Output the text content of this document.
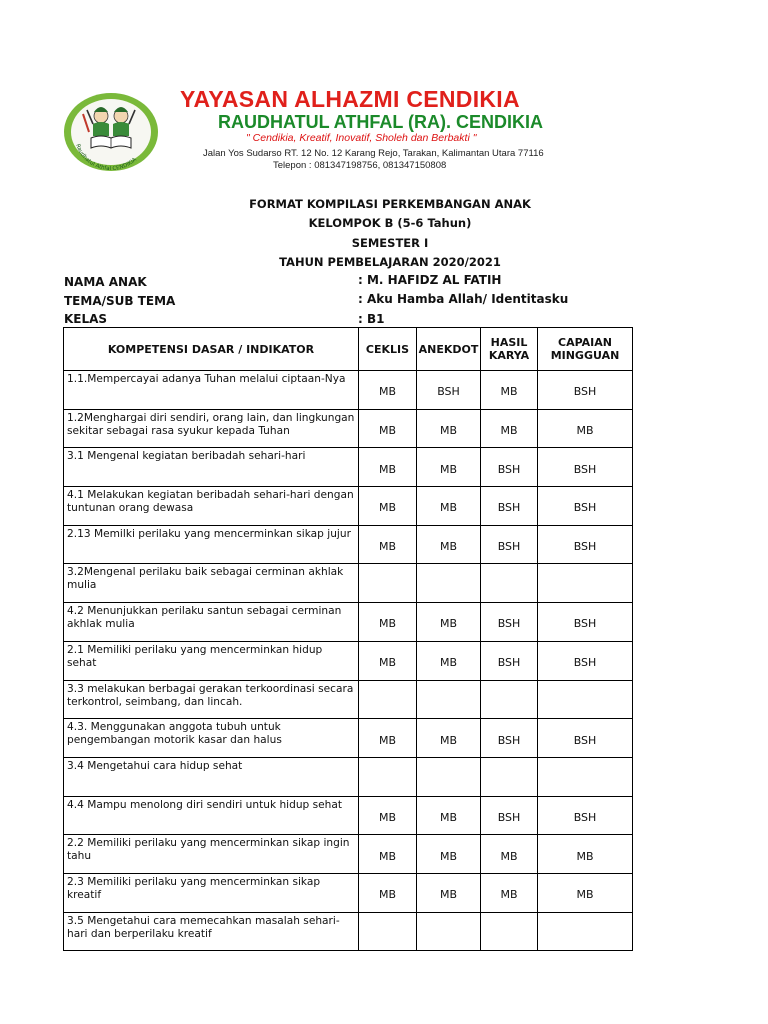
Raudhatul Athfal CENDIKIA
YAYASAN ALHAZMI CENDIKIA
RAUDHATUL ATHFAL (RA). CENDIKIA
" Cendikia, Kreatif, Inovatif, Sholeh dan Berbakti "
Jalan Yos Sudarso RT. 12 No. 12 Karang Rejo, Tarakan, Kalimantan Utara 77116
Telepon : 081347198756, 081347150808
FORMAT KOMPILASI PERKEMBANGAN ANAK
KELOMPOK B (5-6 Tahun)
SEMESTER I
TAHUN PEMBELAJARAN 2020/2021
NAMA ANAK	: M. HAFIDZ AL FATIH
TEMA/SUB TEMA	: Aku Hamba Allah/ Identitasku
KELAS	: B1
KOMPETENSI DASAR / INDIKATOR	CEKLIS	ANEKDOT	HASIL KARYA	CAPAIAN MINGGUAN
1.1.Mempercayai adanya Tuhan melalui ciptaan-Nya	MB	BSH	MB	BSH
1.2Menghargai diri sendiri, orang lain, dan lingkungan sekitar sebagai rasa syukur kepada Tuhan	MB	MB	MB	MB
3.1 Mengenal kegiatan beribadah sehari-hari	MB	MB	BSH	BSH
4.1 Melakukan kegiatan beribadah sehari-hari dengan tuntunan orang dewasa	MB	MB	BSH	BSH
2.13 Memilki perilaku yang mencerminkan sikap jujur	MB	MB	BSH	BSH
3.2Mengenal perilaku baik sebagai cerminan akhlak mulia				
4.2 Menunjukkan perilaku santun sebagai cerminan akhlak mulia	MB	MB	BSH	BSH
2.1 Memiliki perilaku yang mencerminkan hidup sehat	MB	MB	BSH	BSH
3.3 melakukan berbagai gerakan terkoordinasi secara terkontrol, seimbang, dan lincah.				
4.3. Menggunakan anggota tubuh untuk pengembangan motorik kasar dan halus	MB	MB	BSH	BSH
3.4 Mengetahui cara hidup sehat				
4.4 Mampu menolong diri sendiri untuk hidup sehat	MB	MB	BSH	BSH
2.2 Memiliki perilaku yang mencerminkan sikap ingin tahu	MB	MB	MB	MB
2.3 Memiliki perilaku yang mencerminkan sikap kreatif	MB	MB	MB	MB
3.5 Mengetahui cara memecahkan masalah sehari-hari dan berperilaku kreatif				
